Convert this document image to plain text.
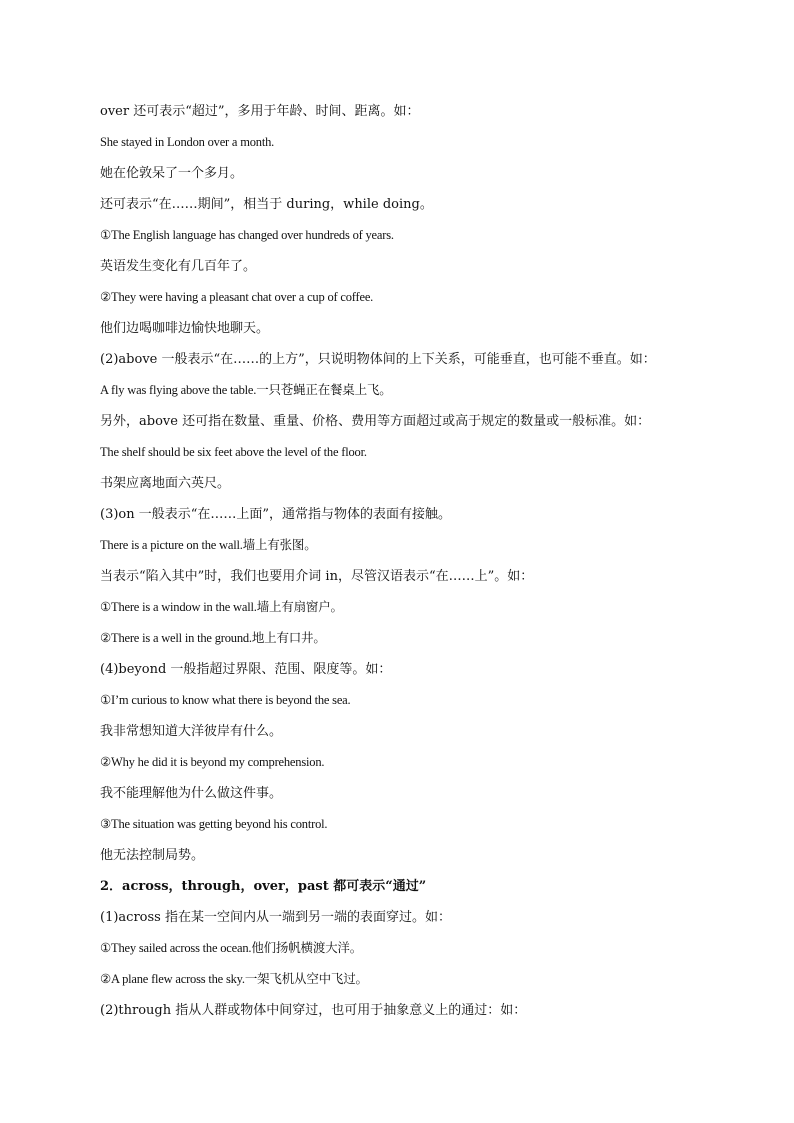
over 还可表示“超过”，多用于年龄、时间、距离。如：
She stayed in London over a month.
她在伦敦呆了一个多月。
还可表示“在……期间”，相当于 during，while doing。
①The English language has changed over hundreds of years.
英语发生变化有几百年了。
②They were having a pleasant chat over a cup of coffee.
他们边喝咖啡边愉快地聊天。
(2)above 一般表示“在……的上方”，只说明物体间的上下关系，可能垂直，也可能不垂直。如：
A fly was flying above the table.一只苍蝇正在餐桌上飞。
另外，above 还可指在数量、重量、价格、费用等方面超过或高于规定的数量或一般标准。如：
The shelf should be six feet above the level of the floor.
书架应离地面六英尺。
(3)on 一般表示“在……上面”，通常指与物体的表面有接触。
There is a picture on the wall.墙上有张图。
当表示“陷入其中”时，我们也要用介词 in，尽管汉语表示“在……上”。如：
①There is a window in the wall.墙上有扇窗户。
②There is a well in the ground.地上有口井。
(4)beyond 一般指超过界限、范围、限度等。如：
①I’m curious to know what there is beyond the sea.
我非常想知道大洋彼岸有什么。
②Why he did it is beyond my comprehension.
我不能理解他为什么做这件事。
③The situation was getting beyond his control.
他无法控制局势。
2．across，through，over，past 都可表示“通过”
(1)across 指在某一空间内从一端到另一端的表面穿过。如：
①They sailed across the ocean.他们扬帆横渡大洋。
②A plane flew across the sky.一架飞机从空中飞过。
(2)through 指从人群或物体中间穿过，也可用于抽象意义上的通过：如：
